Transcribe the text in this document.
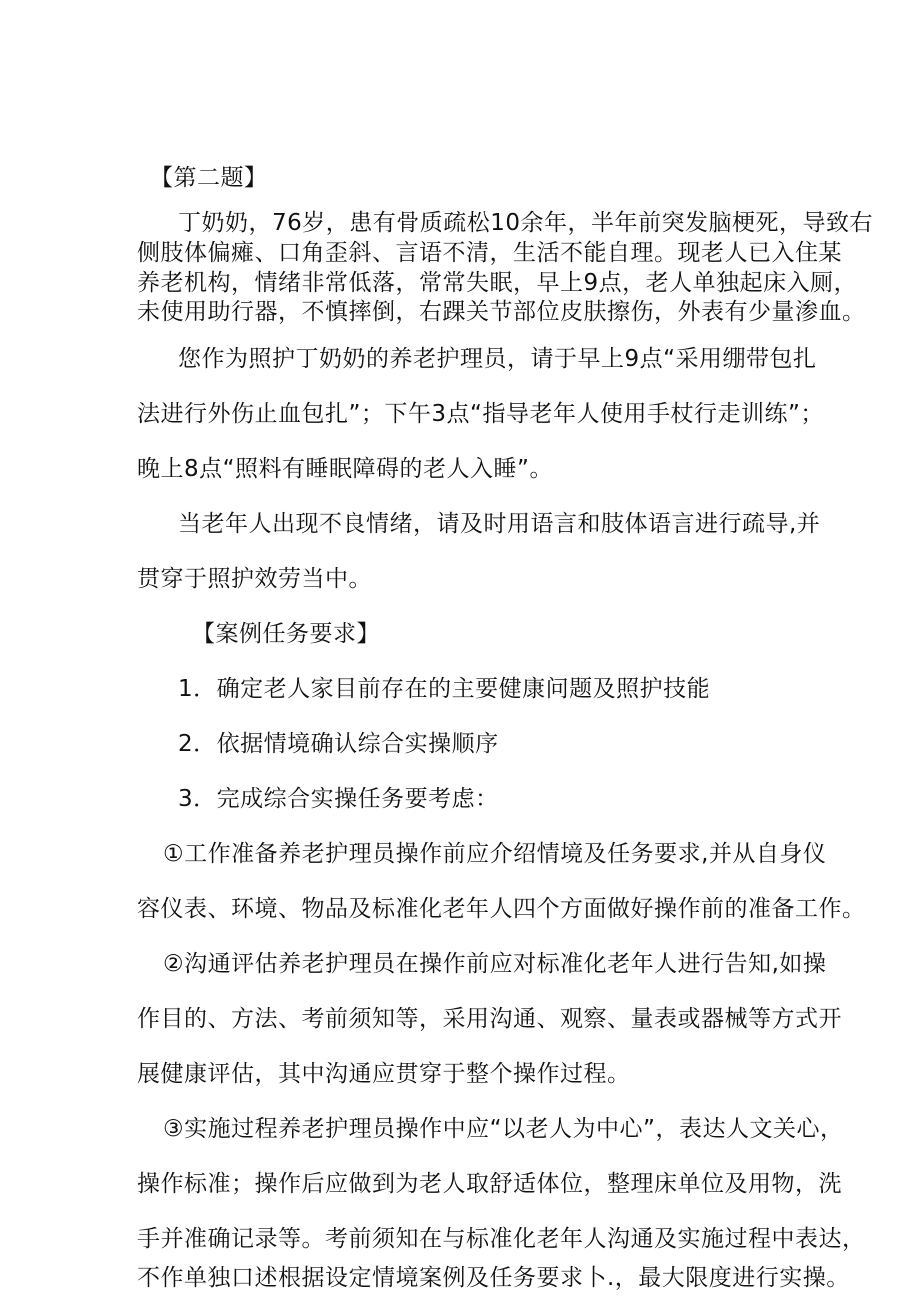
【第二题】
丁奶奶，76岁，患有骨质疏松10余年，半年前突发脑梗死，导致右
侧肢体偏瘫、口角歪斜、言语不清，生活不能自理。现老人已入住某
养老机构，情绪非常低落，常常失眠，早上9点，老人单独起床入厕，
未使用助行器，不慎摔倒，右踝关节部位皮肤擦伤，外表有少量渗血。
您作为照护丁奶奶的养老护理员，请于早上9点“采用绷带包扎
法进行外伤止血包扎”；下午3点“指导老年人使用手杖行走训练”；
晚上8点“照料有睡眠障碍的老人入睡”。
当老年人出现不良情绪，请及时用语言和肢体语言进行疏导,并
贯穿于照护效劳当中。
【案例任务要求】
1．确定老人家目前存在的主要健康问题及照护技能
2．依据情境确认综合实操顺序
3．完成综合实操任务要考虑：
①工作准备养老护理员操作前应介绍情境及任务要求,并从自身仪
容仪表、环境、物品及标准化老年人四个方面做好操作前的准备工作。
②沟通评估养老护理员在操作前应对标准化老年人进行告知,如操
作目的、方法、考前须知等，采用沟通、观察、量表或器械等方式开
展健康评估，其中沟通应贯穿于整个操作过程。
③实施过程养老护理员操作中应“以老人为中心”，表达人文关心，
操作标准；操作后应做到为老人取舒适体位，整理床单位及用物，洗
手并准确记录等。考前须知在与标准化老年人沟通及实施过程中表达，
不作单独口述根据设定情境案例及任务要求卜.，最大限度进行实操。
